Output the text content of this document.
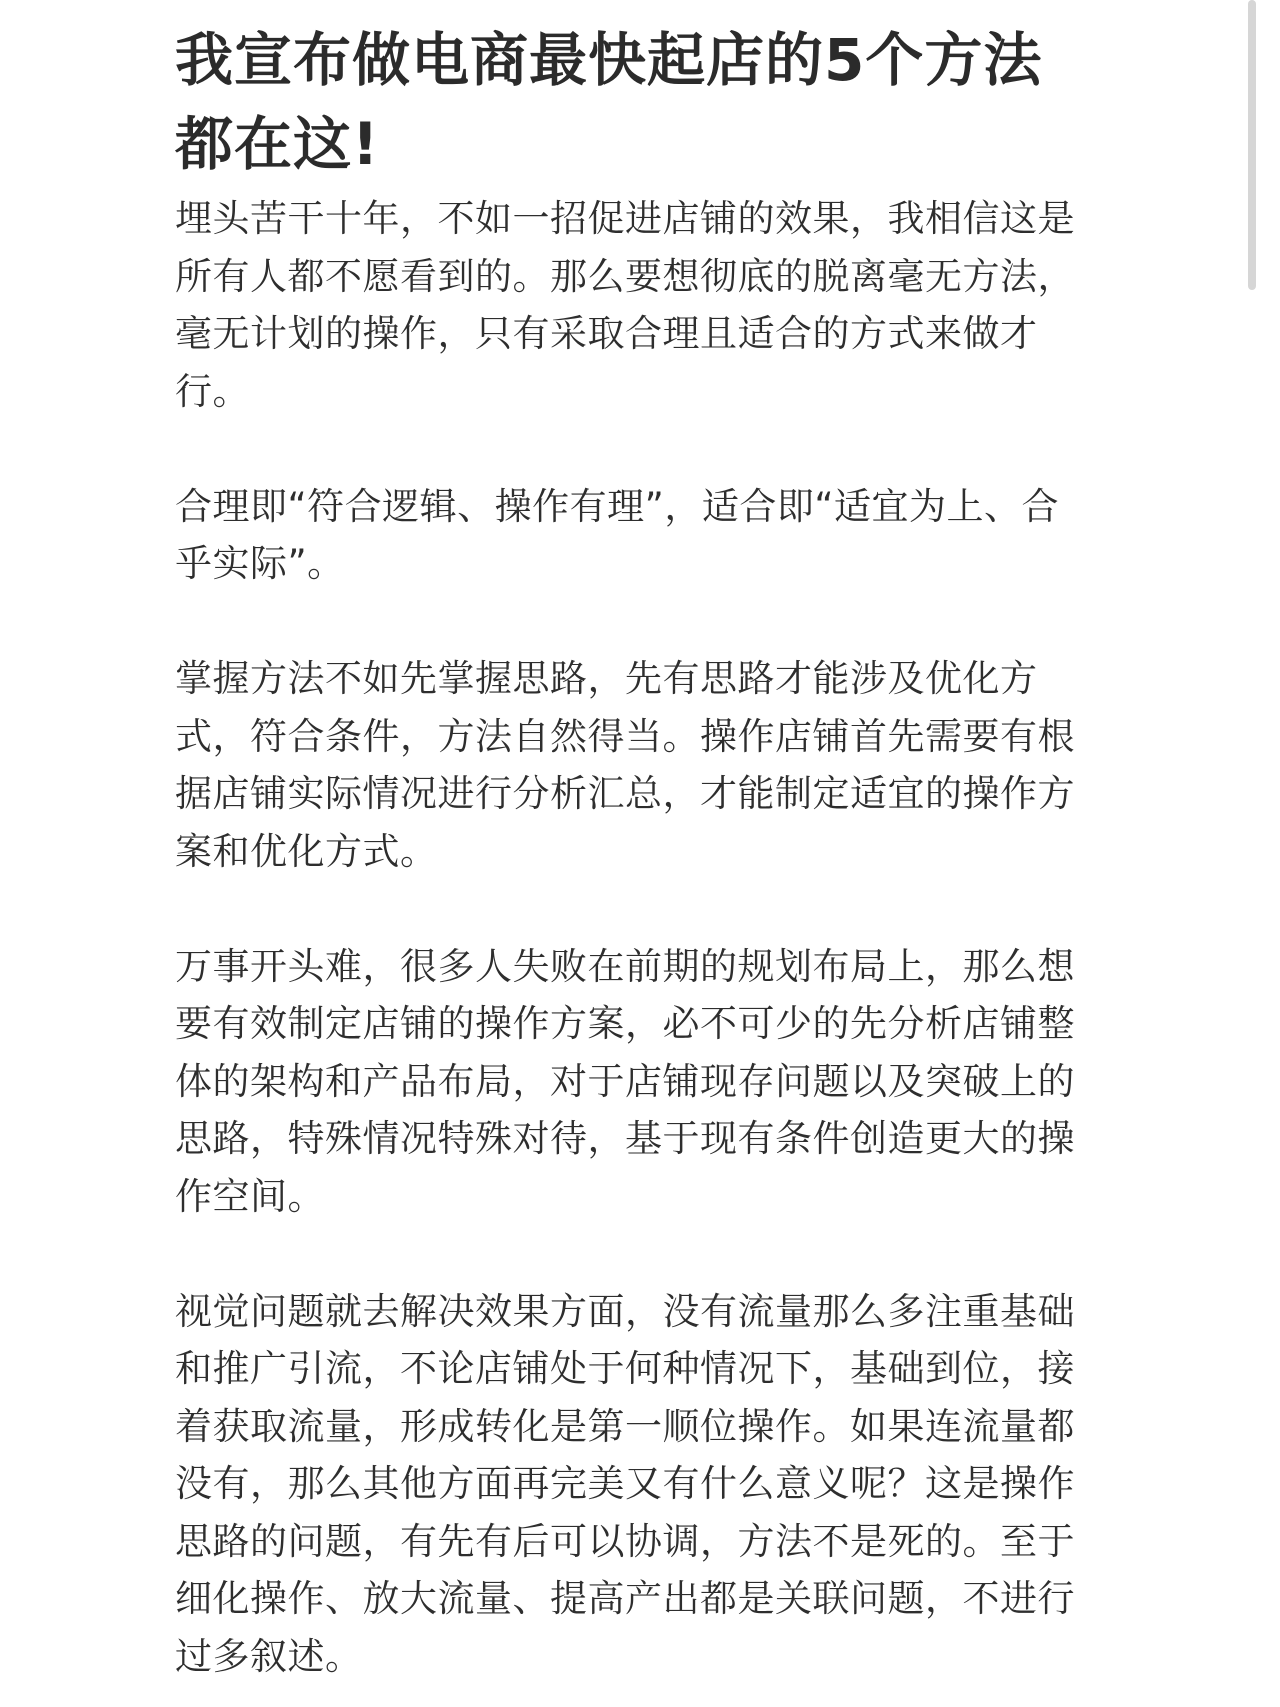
我宣布做电商最快起店的5个方法都在这!

埋头苦干十年，不如一招促进店铺的效果，我相信这是所有人都不愿看到的。那么要想彻底的脱离毫无方法，毫无计划的操作，只有采取合理且适合的方式来做才行。

合理即“符合逻辑、操作有理”，适合即“适宜为上、合乎实际”。

掌握方法不如先掌握思路，先有思路才能涉及优化方式，符合条件，方法自然得当。操作店铺首先需要有根据店铺实际情况进行分析汇总，才能制定适宜的操作方案和优化方式。

万事开头难，很多人失败在前期的规划布局上，那么想要有效制定店铺的操作方案，必不可少的先分析店铺整体的架构和产品布局，对于店铺现存问题以及突破上的思路，特殊情况特殊对待，基于现有条件创造更大的操作空间。

视觉问题就去解决效果方面，没有流量那么多注重基础和推广引流，不论店铺处于何种情况下，基础到位，接着获取流量，形成转化是第一顺位操作。如果连流量都没有，那么其他方面再完美又有什么意义呢？这是操作思路的问题，有先有后可以协调，方法不是死的。至于细化操作、放大流量、提高产出都是关联问题，不进行过多叙述。
